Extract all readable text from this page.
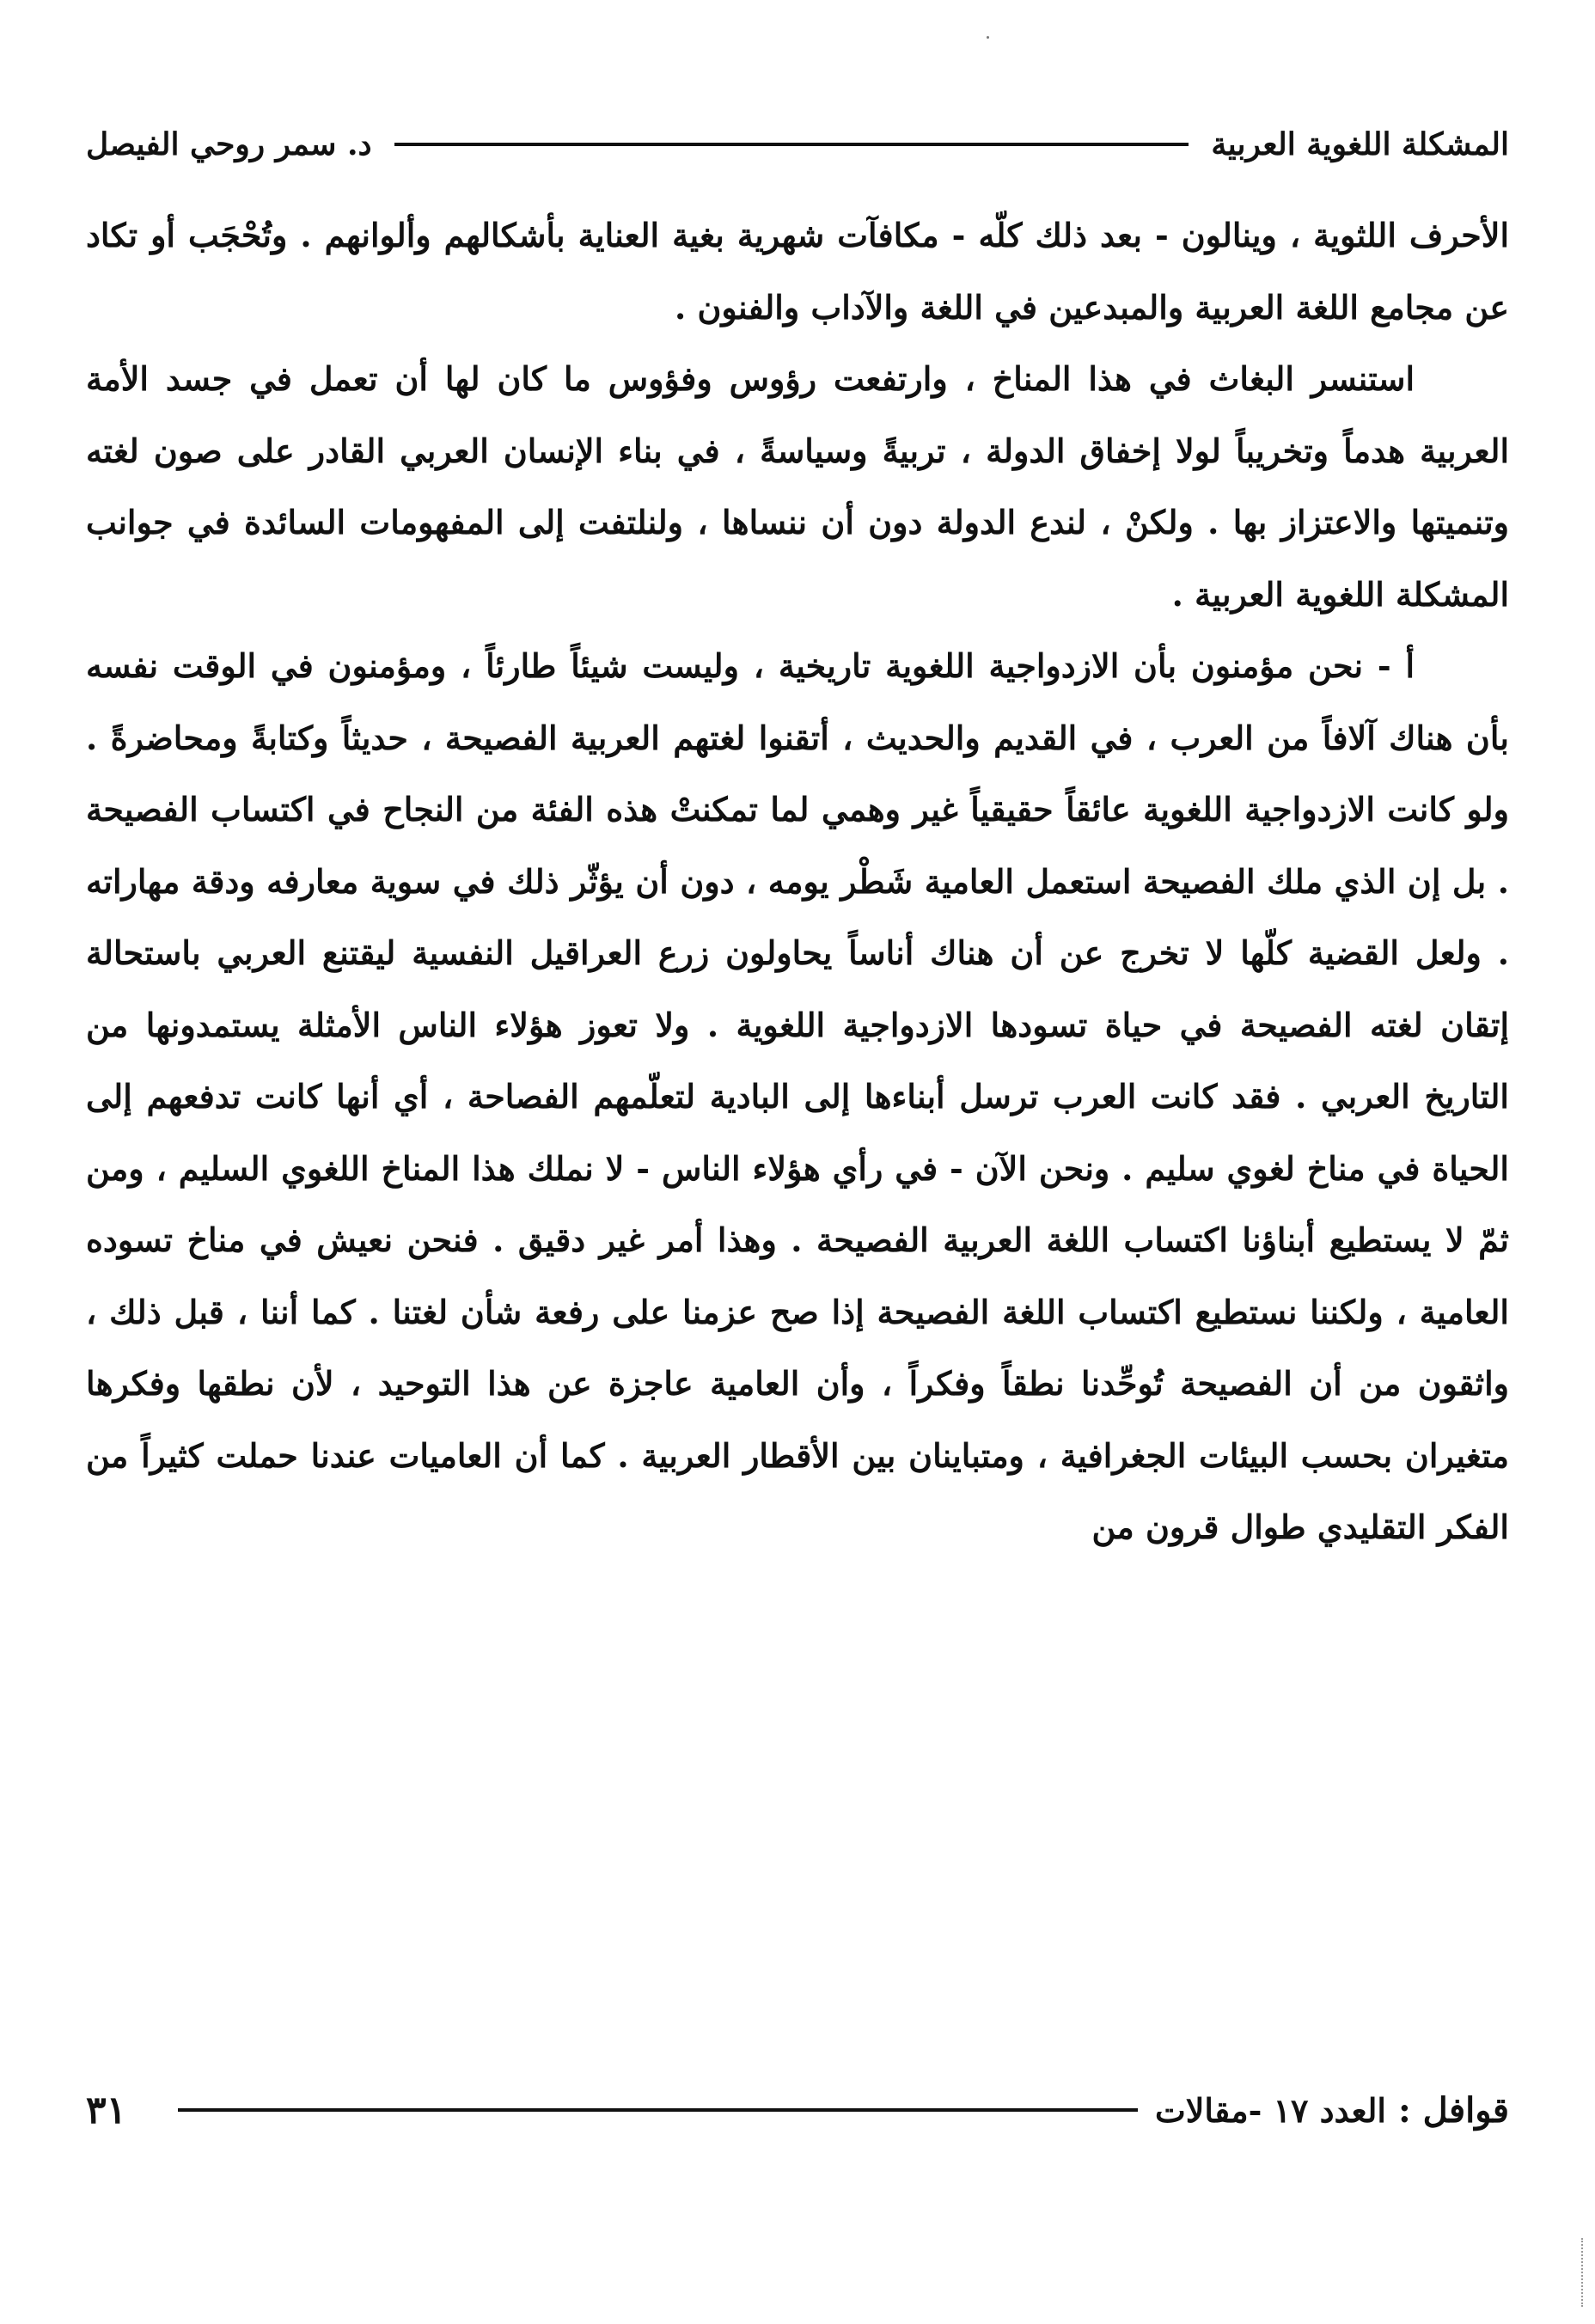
المشكلة اللغوية العربية
د. سمر روحي الفيصل

الأحرف اللثوية ، وينالون - بعد ذلك كلّه - مكافآت شهرية بغية العناية بأشكالهم وألوانهم . وتُحْجَب أو تكاد عن مجامع اللغة العربية والمبدعين في اللغة والآداب والفنون .

استنسر البغاث في هذا المناخ ، وارتفعت رؤوس وفؤوس ما كان لها أن تعمل في جسد الأمة العربية هدماً وتخريباً لولا إخفاق الدولة ، تربيةً وسياسةً ، في بناء الإنسان العربي القادر على صون لغته وتنميتها والاعتزاز بها . ولكنْ ، لندع الدولة دون أن ننساها ، ولنلتفت إلى المفهومات السائدة في جوانب المشكلة اللغوية العربية .

أ - نحن مؤمنون بأن الازدواجية اللغوية تاريخية ، وليست شيئاً طارئاً ، ومؤمنون في الوقت نفسه بأن هناك آلافاً من العرب ، في القديم والحديث ، أتقنوا لغتهم العربية الفصيحة ، حديثاً وكتابةً ومحاضرةً . ولو كانت الازدواجية اللغوية عائقاً حقيقياً غير وهمي لما تمكنتْ هذه الفئة من النجاح في اكتساب الفصيحة . بل إن الذي ملك الفصيحة استعمل العامية شَطْر يومه ، دون أن يؤثّر ذلك في سوية معارفه ودقة مهاراته . ولعل القضية كلّها لا تخرج عن أن هناك أناساً يحاولون زرع العراقيل النفسية ليقتنع العربي باستحالة إتقان لغته الفصيحة في حياة تسودها الازدواجية اللغوية . ولا تعوز هؤلاء الناس الأمثلة يستمدونها من التاريخ العربي . فقد كانت العرب ترسل أبناءها إلى البادية لتعلّمهم الفصاحة ، أي أنها كانت تدفعهم إلى الحياة في مناخ لغوي سليم . ونحن الآن - في رأي هؤلاء الناس - لا نملك هذا المناخ اللغوي السليم ، ومن ثمّ لا يستطيع أبناؤنا اكتساب اللغة العربية الفصيحة . وهذا أمر غير دقيق . فنحن نعيش في مناخ تسوده العامية ، ولكننا نستطيع اكتساب اللغة الفصيحة إذا صح عزمنا على رفعة شأن لغتنا . كما أننا ، قبل ذلك ، واثقون من أن الفصيحة تُوحِّدنا نطقاً وفكراً ، وأن العامية عاجزة عن هذا التوحيد ، لأن نطقها وفكرها متغيران بحسب البيئات الجغرافية ، ومتباينان بين الأقطار العربية . كما أن العاميات عندنا حملت كثيراً من الفكر التقليدي طوال قرون من

قوافل :
العدد ١٧ -مقالات
٣١
